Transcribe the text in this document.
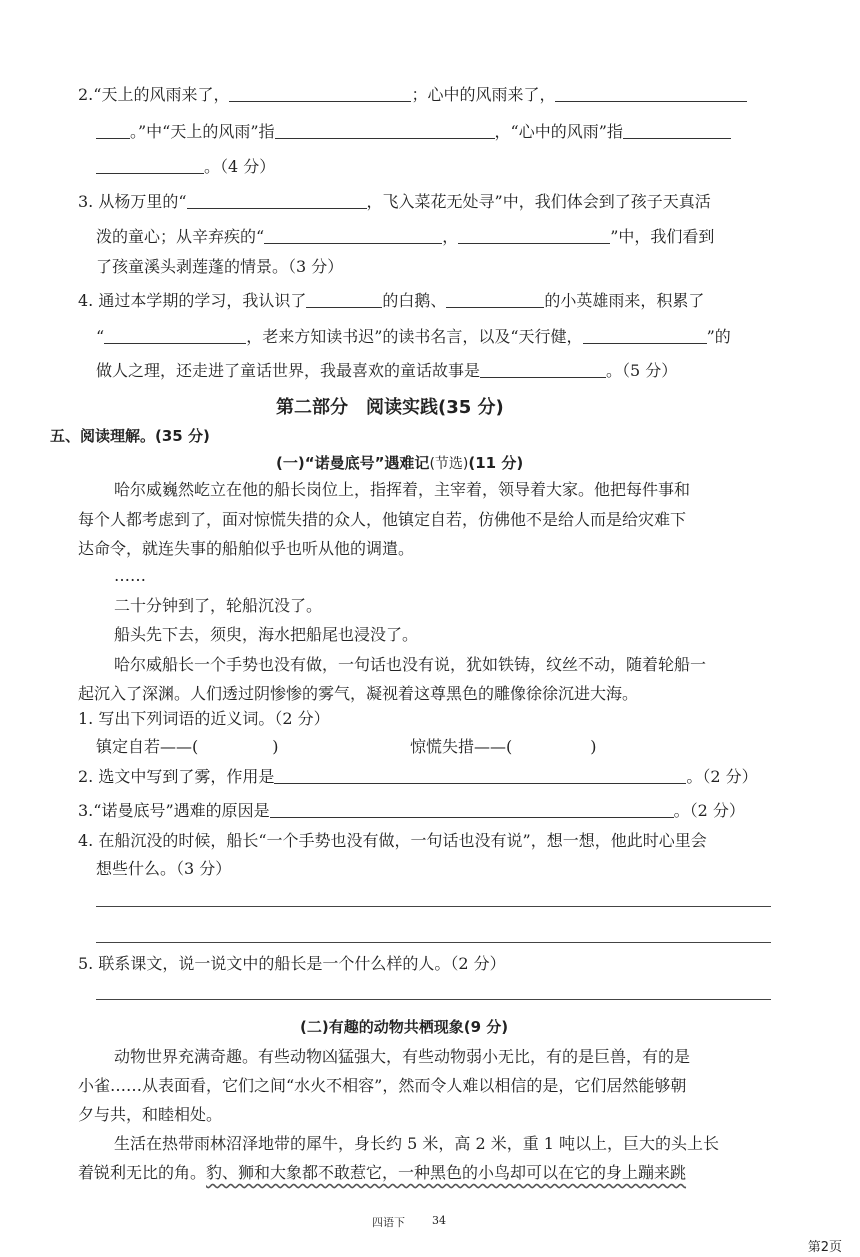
2.“天上的风雨来了，	；心中的风雨来了，
。”中“天上的风雨”指	，“心中的风雨”指
。（4 分）
3. 从杨万里的“	，飞入菜花无处寻”中，我们体会到了孩子天真活
泼的童心；从辛弃疾的“	，	”中，我们看到
了孩童溪头剥莲蓬的情景。（3 分）
4. 通过本学期的学习，我认识了	的白鹅、	的小英雄雨来，积累了
“	，老来方知读书迟”的读书名言，以及“天行健，	”的
做人之理，还走进了童话世界，我最喜欢的童话故事是	。（5 分）
第二部分　阅读实践(35 分)
五、阅读理解。(35 分)
(一)“诺曼底号”遇难记(节选)(11 分)
哈尔威巍然屹立在他的船长岗位上，指挥着，主宰着，领导着大家。他把每件事和
每个人都考虑到了，面对惊慌失措的众人，他镇定自若，仿佛他不是给人而是给灾难下
达命令，就连失事的船舶似乎也听从他的调遣。
……
二十分钟到了，轮船沉没了。
船头先下去，须臾，海水把船尾也浸没了。
哈尔威船长一个手势也没有做，一句话也没有说，犹如铁铸，纹丝不动，随着轮船一
起沉入了深渊。人们透过阴惨惨的雾气，凝视着这尊黑色的雕像徐徐沉进大海。
1. 写出下列词语的近义词。（2 分）
镇定自若——(	)	惊慌失措——(	)
2. 选文中写到了雾，作用是	。（2 分）
3.“诺曼底号”遇难的原因是	。（2 分）
4. 在船沉没的时候，船长“一个手势也没有做，一句话也没有说”，想一想，他此时心里会
想些什么。（3 分）
5. 联系课文，说一说文中的船长是一个什么样的人。（2 分）
(二)有趣的动物共栖现象(9 分)
动物世界充满奇趣。有些动物凶猛强大，有些动物弱小无比，有的是巨兽，有的是
小雀……从表面看，它们之间“水火不相容”，然而令人难以相信的是，它们居然能够朝
夕与共，和睦相处。
生活在热带雨林沼泽地带的犀牛，身长约 5 米，高 2 米，重 1 吨以上，巨大的头上长
着锐利无比的角。豹、狮和大象都不敢惹它，一种黑色的小鸟却可以在它的身上蹦来跳
四语下 34
第2页
